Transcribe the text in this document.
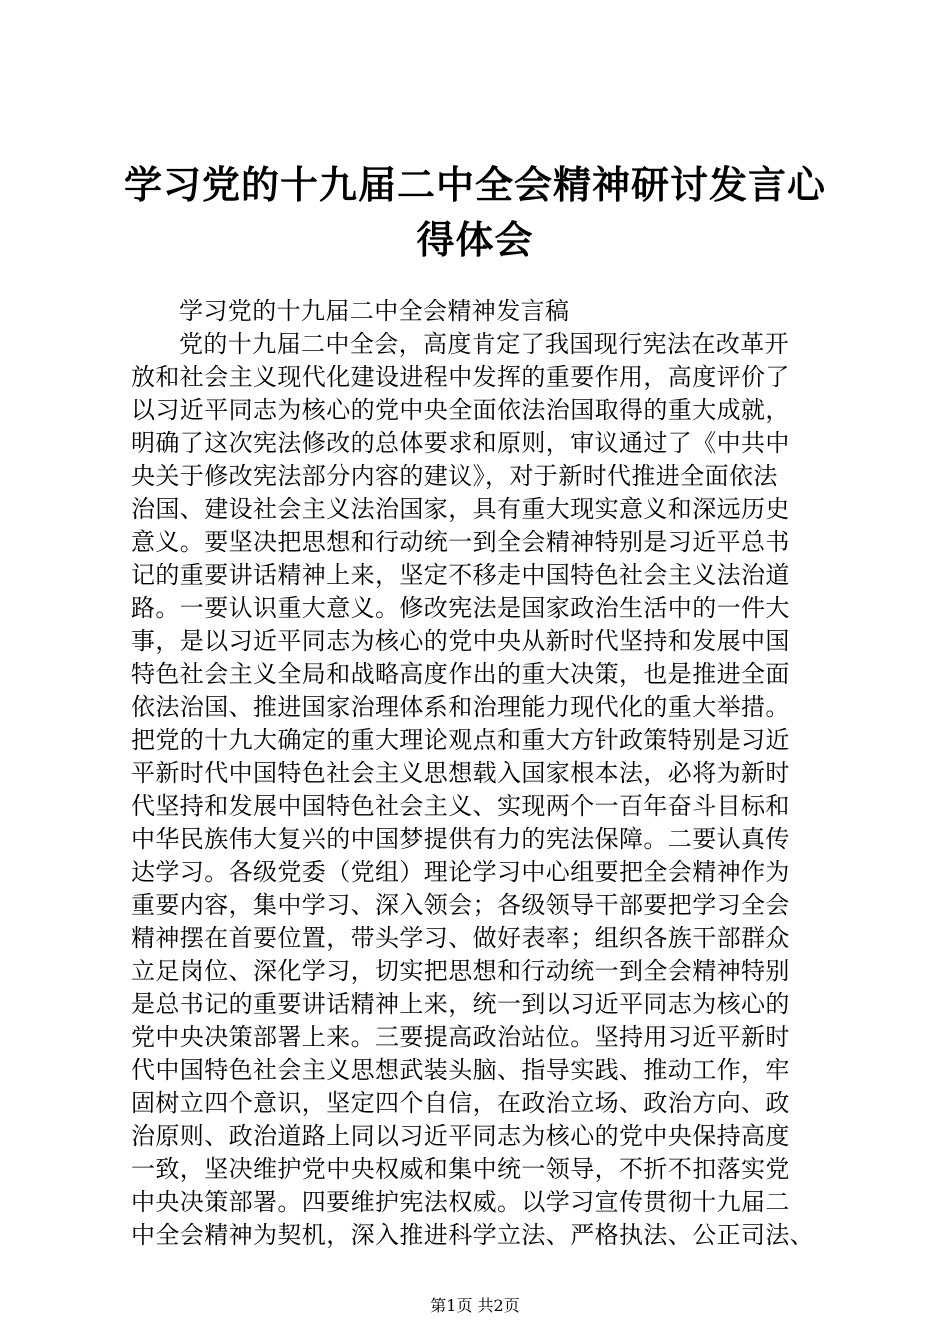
学习党的十九届二中全会精神研讨发言心得体会
学习党的十九届二中全会精神发言稿
党的十九届二中全会，高度肯定了我国现行宪法在改革开
放和社会主义现代化建设进程中发挥的重要作用，高度评价了
以习近平同志为核心的党中央全面依法治国取得的重大成就，
明确了这次宪法修改的总体要求和原则，审议通过了《中共中
央关于修改宪法部分内容的建议》，对于新时代推进全面依法
治国、建设社会主义法治国家，具有重大现实意义和深远历史
意义。要坚决把思想和行动统一到全会精神特别是习近平总书
记的重要讲话精神上来，坚定不移走中国特色社会主义法治道
路。一要认识重大意义。修改宪法是国家政治生活中的一件大
事，是以习近平同志为核心的党中央从新时代坚持和发展中国
特色社会主义全局和战略高度作出的重大决策，也是推进全面
依法治国、推进国家治理体系和治理能力现代化的重大举措。
把党的十九大确定的重大理论观点和重大方针政策特别是习近
平新时代中国特色社会主义思想载入国家根本法，必将为新时
代坚持和发展中国特色社会主义、实现两个一百年奋斗目标和
中华民族伟大复兴的中国梦提供有力的宪法保障。二要认真传
达学习。各级党委（党组）理论学习中心组要把全会精神作为
重要内容，集中学习、深入领会；各级领导干部要把学习全会
精神摆在首要位置，带头学习、做好表率；组织各族干部群众
立足岗位、深化学习，切实把思想和行动统一到全会精神特别
是总书记的重要讲话精神上来，统一到以习近平同志为核心的
党中央决策部署上来。三要提高政治站位。坚持用习近平新时
代中国特色社会主义思想武装头脑、指导实践、推动工作，牢
固树立四个意识，坚定四个自信，在政治立场、政治方向、政
治原则、政治道路上同以习近平同志为核心的党中央保持高度
一致，坚决维护党中央权威和集中统一领导，不折不扣落实党
中央决策部署。四要维护宪法权威。以学习宣传贯彻十九届二
中全会精神为契机，深入推进科学立法、严格执法、公正司法、
第1页 共2页
